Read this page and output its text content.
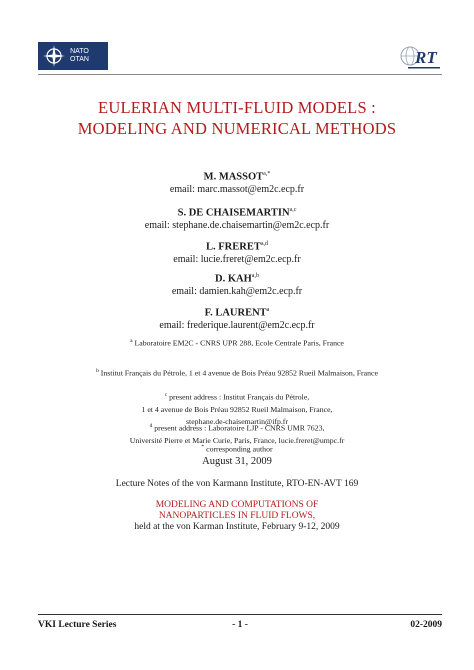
NATO
OTAN	RT
EULERIAN MULTI-FLUID MODELS :
MODELING AND NUMERICAL METHODS
M. $MASSOT^{a,*}$
email: marc.massot@em2c.ecp.fr
S. DE CHAISEMARTIN$^{a,c}$
email: stephane.de.chaisemartin@em2c.ecp.fr
L. FRERET$^{a,d}$
email: lucie.freret@em2c.ecp.fr
D. KAH$^{a,b}$
email: damien.kah@em2c.ecp.fr
F. LAURENT$^a$
email: frederique.laurent@em2c.ecp.fr
$^a$ Laboratoire EM2C - CNRS UPR 288, Ecole Centrale Paris, France
$^b$ Institut Français du Pétrole, 1 et 4 avenue de Bois Préau 92852 Rueil Malmaison, France
$^c$ present address : Institut Français du Pétrole,
1 et 4 avenue de Bois Préau 92852 Rueil Malmaison, France,
stephane.de-chaisemartin@ifp.fr
$^d$ present address : Laboratoire LJP - CNRS UMR 7623,
Université Pierre et Marie Curie, Paris, France, lucie.freret@umpc.fr
* corresponding author
August 31, 2009
Lecture Notes of the von Karmann Institute, RTO-EN-AVT 169
MODELING AND COMPUTATIONS OF
NANOPARTICLES IN FLUID FLOWS,
held at the von Karman Institute, February 9-12, 2009
VKI Lecture Series	- 1 -	02-2009
